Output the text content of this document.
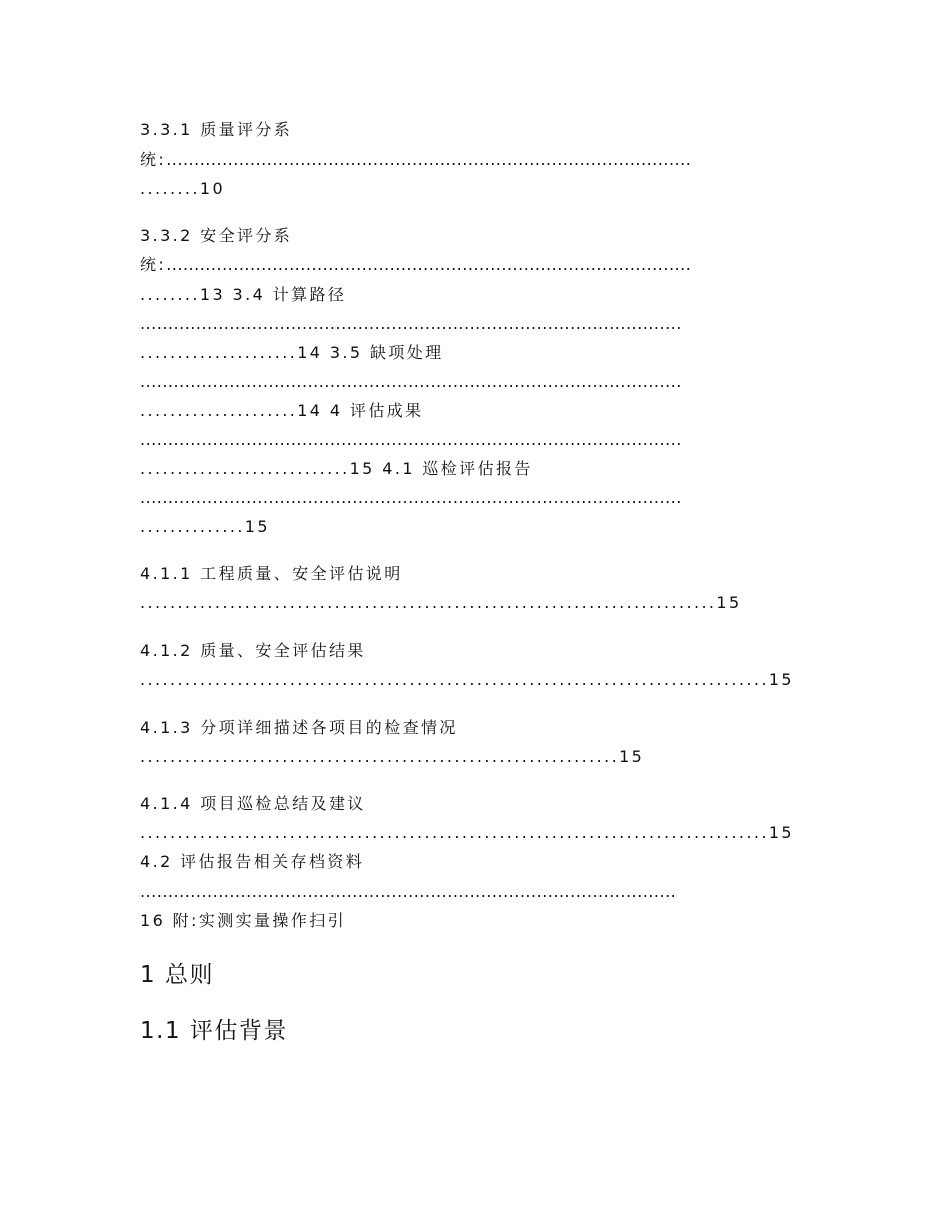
3.3.1 质量评分系
统:..............................................................................................
........10
3.3.2 安全评分系
统:..............................................................................................
........13 3.4 计算路径
.................................................................................................
.....................14 3.5 缺项处理
.................................................................................................
.....................14 4 评估成果
.................................................................................................
............................15 4.1 巡检评估报告
.................................................................................................
..............15
4.1.1 工程质量、安全评估说明
.............................................................................15
4.1.2 质量、安全评估结果
....................................................................................15
4.1.3 分项详细描述各项目的检查情况
................................................................15
4.1.4 项目巡检总结及建议
....................................................................................15
4.2 评估报告相关存档资料
................................................................................................
16 附:实测实量操作扫引
1 总则
1.1 评估背景
